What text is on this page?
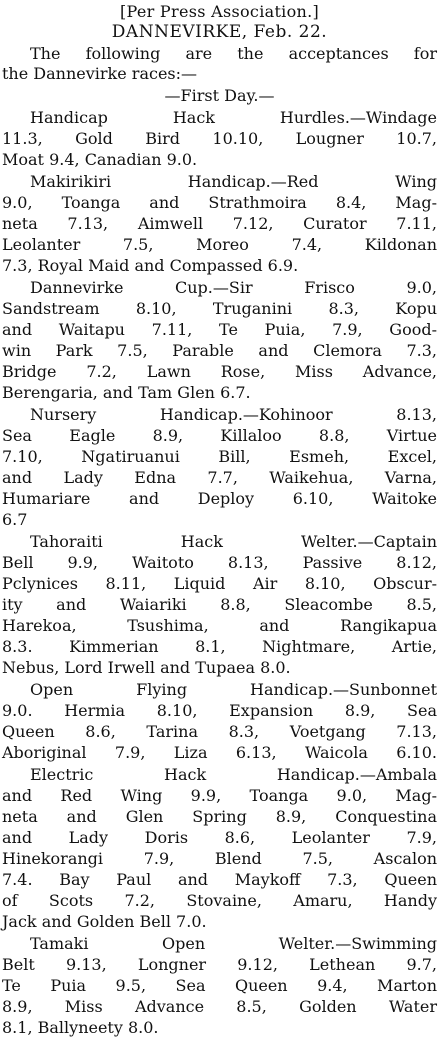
[Per Press Association.]
DANNEVIRKE, Feb. 22.
The following are the acceptances for
the Dannevirke races:—
—First Day.—
Handicap Hack Hurdles.—Windage
11.3, Gold Bird 10.10, Lougner 10.7,
Moat 9.4, Canadian 9.0.
Makirikiri Handicap.—Red Wing
9.0, Toanga and Strathmoira 8.4, Mag-
neta 7.13, Aimwell 7.12, Curator 7.11,
Leolanter 7.5, Moreo 7.4, Kildonan
7.3, Royal Maid and Compassed 6.9.
Dannevirke Cup.—Sir Frisco 9.0,
Sandstream 8.10, Truganini 8.3, Kopu
and Waitapu 7.11, Te Puia, 7.9, Good-
win Park 7.5, Parable and Clemora 7.3,
Bridge 7.2, Lawn Rose, Miss Advance,
Berengaria, and Tam Glen 6.7.
Nursery Handicap.—Kohinoor 8.13,
Sea Eagle 8.9, Killaloo 8.8, Virtue
7.10, Ngatiruanui Bill, Esmeh, Excel,
and Lady Edna 7.7, Waikehua, Varna,
Humariare and Deploy 6.10, Waitoke
6.7
Tahoraiti Hack Welter.—Captain
Bell 9.9, Waitoto 8.13, Passive 8.12,
Pclynices 8.11, Liquid Air 8.10, Obscur-
ity and Waiariki 8.8, Sleacombe 8.5,
Harekoa, Tsushima, and Rangikapua
8.3. Kimmerian 8.1, Nightmare, Artie,
Nebus, Lord Irwell and Tupaea 8.0.
Open Flying Handicap.—Sunbonnet
9.0. Hermia 8.10, Expansion 8.9, Sea
Queen 8.6, Tarina 8.3, Voetgang 7.13,
Aboriginal 7.9, Liza 6.13, Waicola 6.10.
Electric Hack Handicap.—Ambala
and Red Wing 9.9, Toanga 9.0, Mag-
neta and Glen Spring 8.9, Conquestina
and Lady Doris 8.6, Leolanter 7.9,
Hinekorangi 7.9, Blend 7.5, Ascalon
7.4. Bay Paul and Maykoff 7.3, Queen
of Scots 7.2, Stovaine, Amaru, Handy
Jack and Golden Bell 7.0.
Tamaki Open Welter.—Swimming
Belt 9.13, Longner 9.12, Lethean 9.7,
Te Puia 9.5, Sea Queen 9.4, Marton
8.9, Miss Advance 8.5, Golden Water
8.1, Ballyneety 8.0.
